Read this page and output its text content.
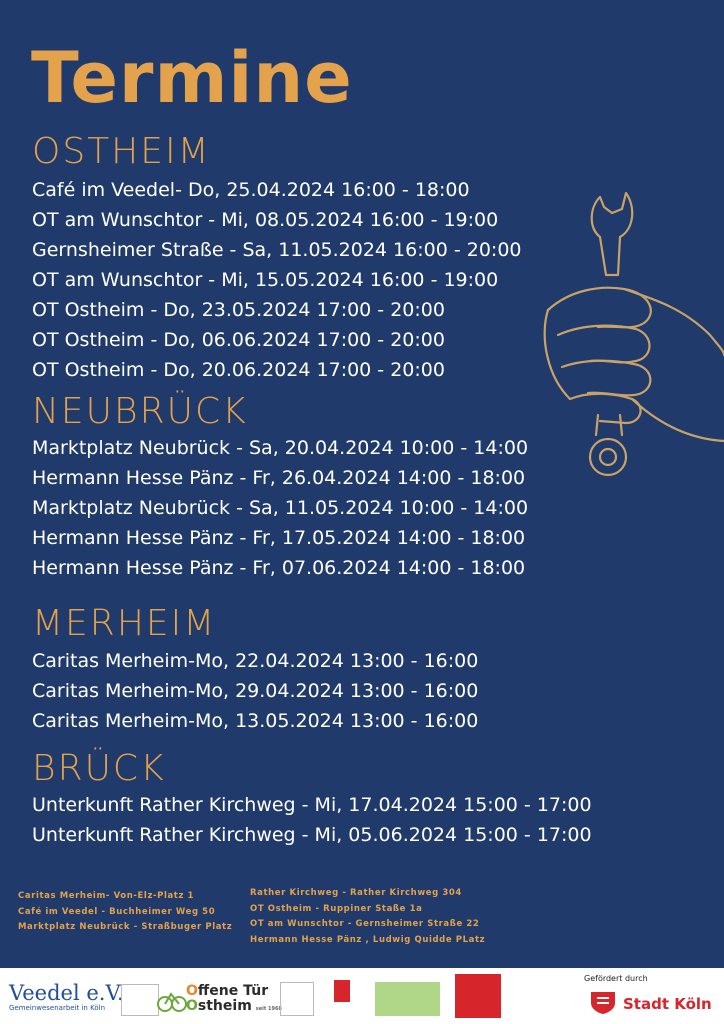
Termine
OSTHEIM
Café im Veedel- Do, 25.04.2024 16:00 - 18:00
OT am Wunschtor - Mi, 08.05.2024 16:00 - 19:00
Gernsheimer Straße - Sa, 11.05.2024 16:00 - 20:00
OT am Wunschtor - Mi, 15.05.2024 16:00 - 19:00
OT Ostheim - Do, 23.05.2024 17:00 - 20:00
OT Ostheim - Do, 06.06.2024 17:00 - 20:00
OT Ostheim - Do, 20.06.2024 17:00 - 20:00
NEUBRÜCK
Marktplatz Neubrück - Sa, 20.04.2024 10:00 - 14:00
Hermann Hesse Pänz - Fr, 26.04.2024 14:00 - 18:00
Marktplatz Neubrück - Sa, 11.05.2024 10:00 - 14:00
Hermann Hesse Pänz - Fr, 17.05.2024 14:00 - 18:00
Hermann Hesse Pänz - Fr, 07.06.2024 14:00 - 18:00
MERHEIM
Caritas Merheim-Mo, 22.04.2024 13:00 - 16:00
Caritas Merheim-Mo, 29.04.2024 13:00 - 16:00
Caritas Merheim-Mo, 13.05.2024 13:00 - 16:00
BRÜCK
Unterkunft Rather Kirchweg - Mi, 17.04.2024 15:00 - 17:00
Unterkunft Rather Kirchweg - Mi, 05.06.2024 15:00 - 17:00
Caritas Merheim- Von-Elz-Platz 1
Café im Veedel - Buchheimer Weg 50
Marktplatz Neubrück - Straßbuger Platz
Rather Kirchweg - Rather Kirchweg 304
OT Ostheim - Ruppiner Staße 1a
OT am Wunschtor - Gernsheimer Straße 22
Hermann Hesse Pänz , Ludwig Quidde PLatz
Veedel e.V.
Gemeinwesenarbeit in Köln
Offene Tür
Ostheim seit 1968
Gefördert durch
Stadt Köln
